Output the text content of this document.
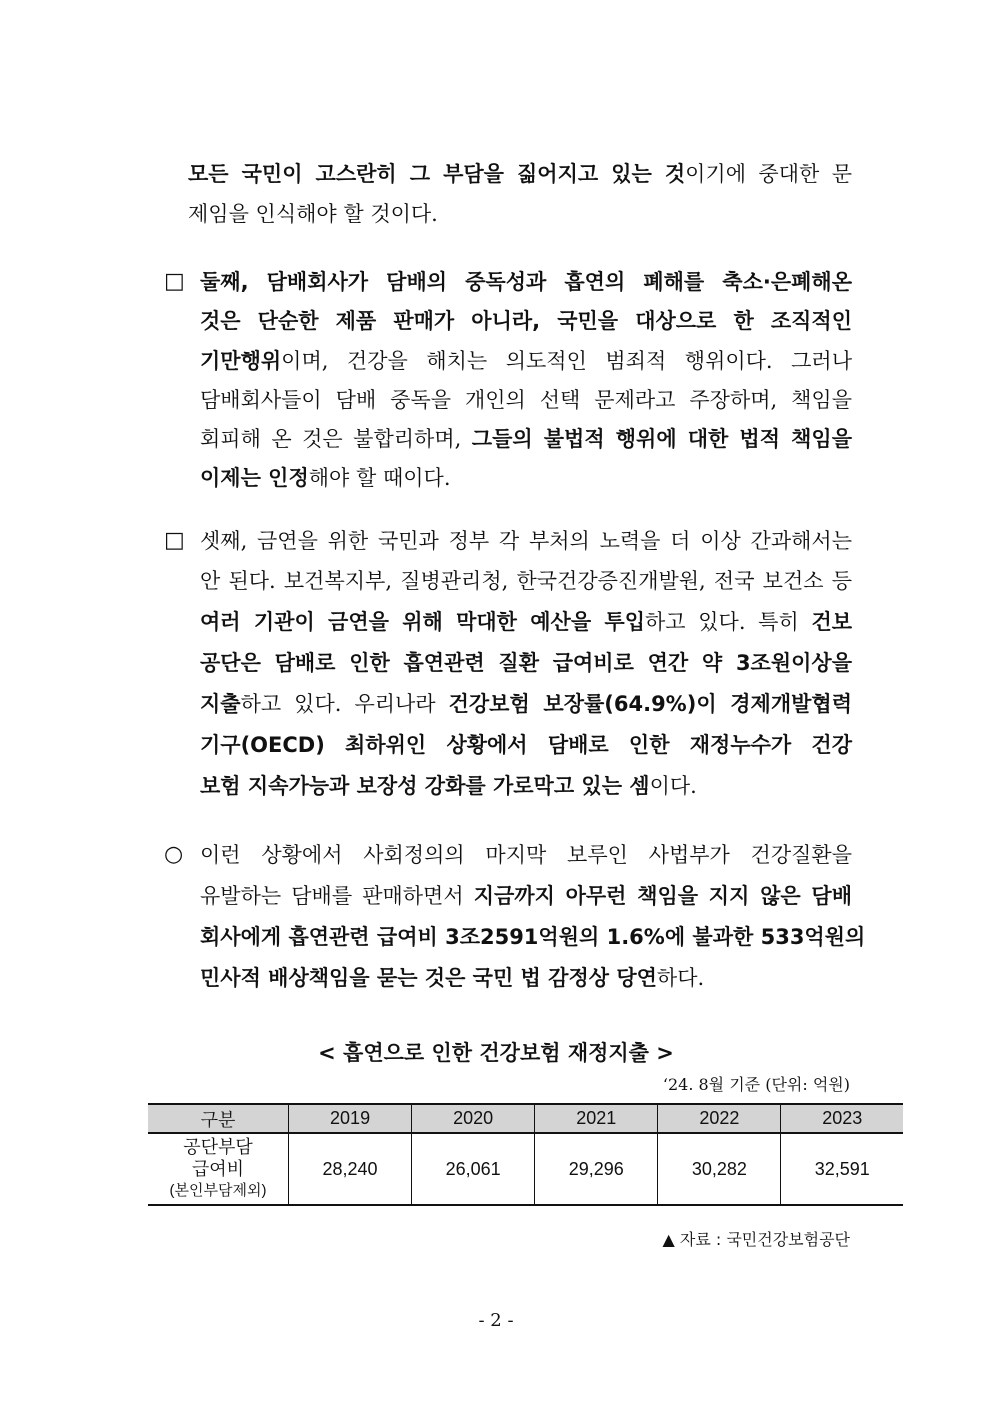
모든 국민이 고스란히 그 부담을 짊어지고 있는 것이기에 중대한 문
제임을 인식해야 할 것이다.
□ 둘째, 담배회사가 담배의 중독성과 흡연의 폐해를 축소·은폐해온
것은 단순한 제품 판매가 아니라, 국민을 대상으로 한 조직적인
기만행위이며, 건강을 해치는 의도적인 범죄적 행위이다. 그러나
담배회사들이 담배 중독을 개인의 선택 문제라고 주장하며, 책임을
회피해 온 것은 불합리하며, 그들의 불법적 행위에 대한 법적 책임을
이제는 인정해야 할 때이다.
□ 셋째, 금연을 위한 국민과 정부 각 부처의 노력을 더 이상 간과해서는
안 된다. 보건복지부, 질병관리청, 한국건강증진개발원, 전국 보건소 등
여러 기관이 금연을 위해 막대한 예산을 투입하고 있다. 특히 건보
공단은 담배로 인한 흡연관련 질환 급여비로 연간 약 3조원이상을
지출하고 있다. 우리나라 건강보험 보장률(64.9%)이 경제개발협력
기구(OECD) 최하위인 상황에서 담배로 인한 재정누수가 건강
보험 지속가능과 보장성 강화를 가로막고 있는 셈이다.
○ 이런 상황에서 사회정의의 마지막 보루인 사법부가 건강질환을
유발하는 담배를 판매하면서 지금까지 아무런 책임을 지지 않은 담배
회사에게 흡연관련 급여비 3조2591억원의 1.6%에 불과한 533억원의
민사적 배상책임을 묻는 것은 국민 법 감정상 당연하다.
< 흡연으로 인한 건강보험 재정지출 >
‘24. 8월 기준 (단위: 억원)
구분	2019	2020	2021	2022	2023

공단부담
급여비
(본인부담제외)	28,240	26,061	29,296	30,282	32,591
▲ 자료 : 국민건강보험공단
- 2 -
